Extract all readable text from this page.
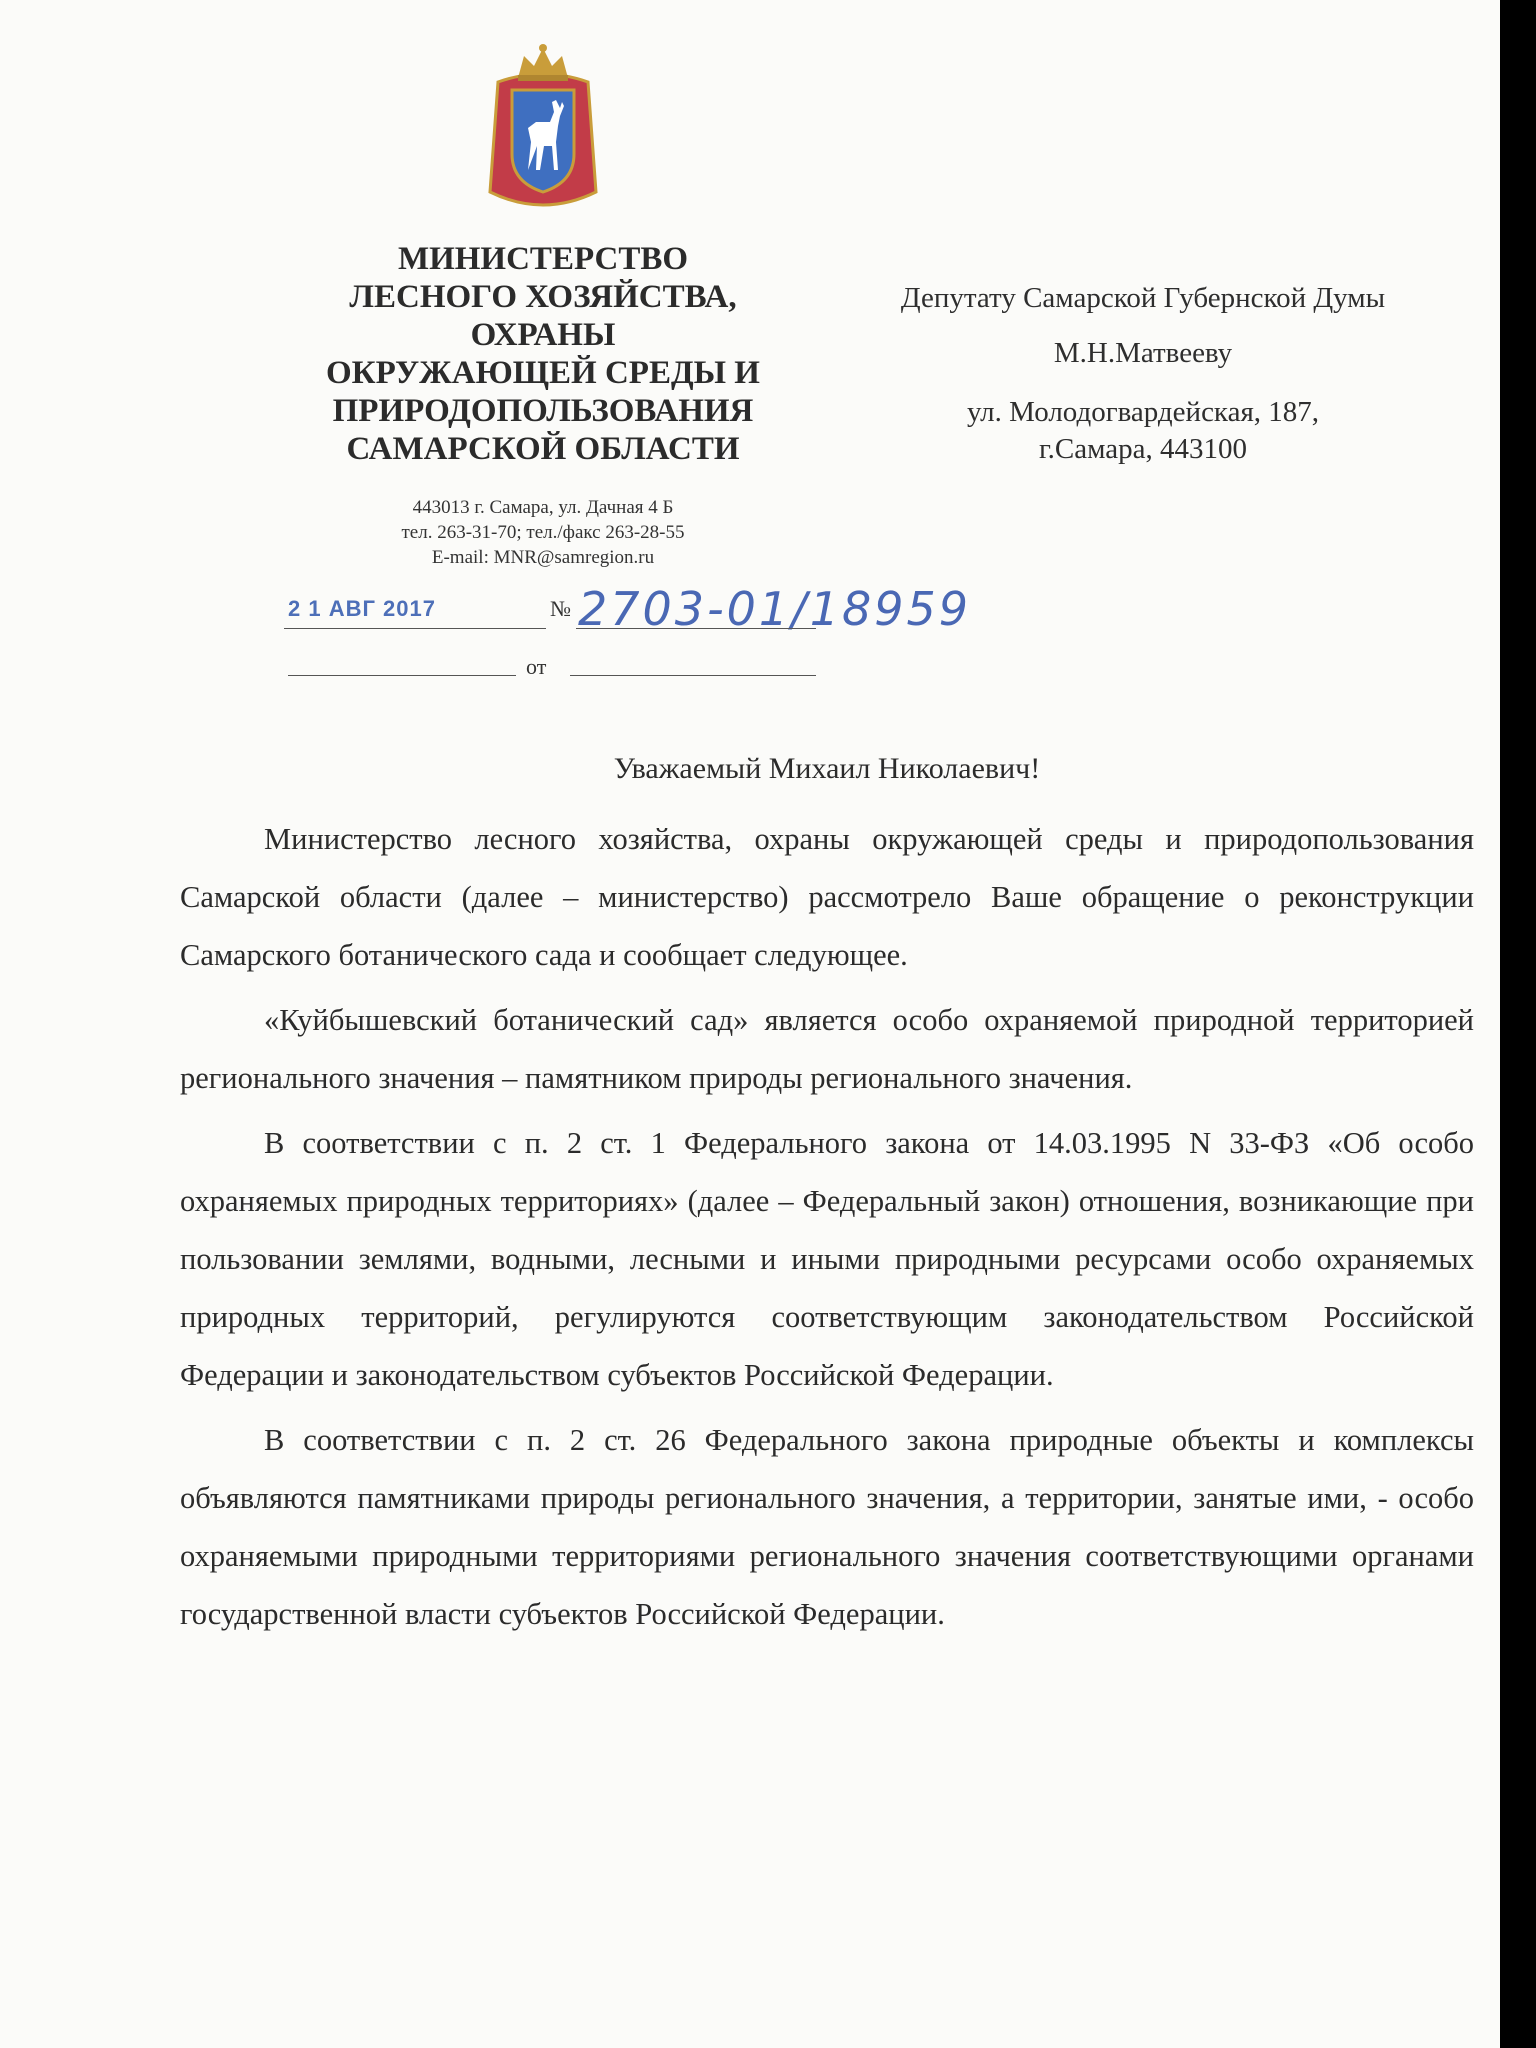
МИНИСТЕРСТВО
ЛЕСНОГО ХОЗЯЙСТВА,
ОХРАНЫ
ОКРУЖАЮЩЕЙ СРЕДЫ И
ПРИРОДОПОЛЬЗОВАНИЯ
САМАРСКОЙ ОБЛАСТИ
443013 г. Самара, ул. Дачная 4 Б
тел. 263-31-70; тел./факс 263-28-55
E-mail: MNR@samregion.ru
2 1 АВГ 2017	№ 2703-01/18959
от
Депутату Самарской Губернской Думы
М.Н.Матвееву
ул. Молодогвардейская, 187,
г.Самара, 443100
Уважаемый Михаил Николаевич!

Министерство лесного хозяйства, охраны окружающей среды и природопользования Самарской области (далее – министерство) рассмотрело Ваше обращение о реконструкции Самарского ботанического сада и сообщает следующее.

«Куйбышевский ботанический сад» является особо охраняемой природной территорией регионального значения – памятником природы регионального значения.

В соответствии с п. 2 ст. 1 Федерального закона от 14.03.1995 N 33-ФЗ «Об особо охраняемых природных территориях» (далее – Федеральный закон) отношения, возникающие при пользовании землями, водными, лесными и иными природными ресурсами особо охраняемых природных территорий, регулируются соответствующим законодательством Российской Федерации и законодательством субъектов Российской Федерации.

В соответствии с п. 2 ст. 26 Федерального закона природные объекты и комплексы объявляются памятниками природы регионального значения, а территории, занятые ими, - особо охраняемыми природными территориями регионального значения соответствующими органами государственной власти субъектов Российской Федерации.
